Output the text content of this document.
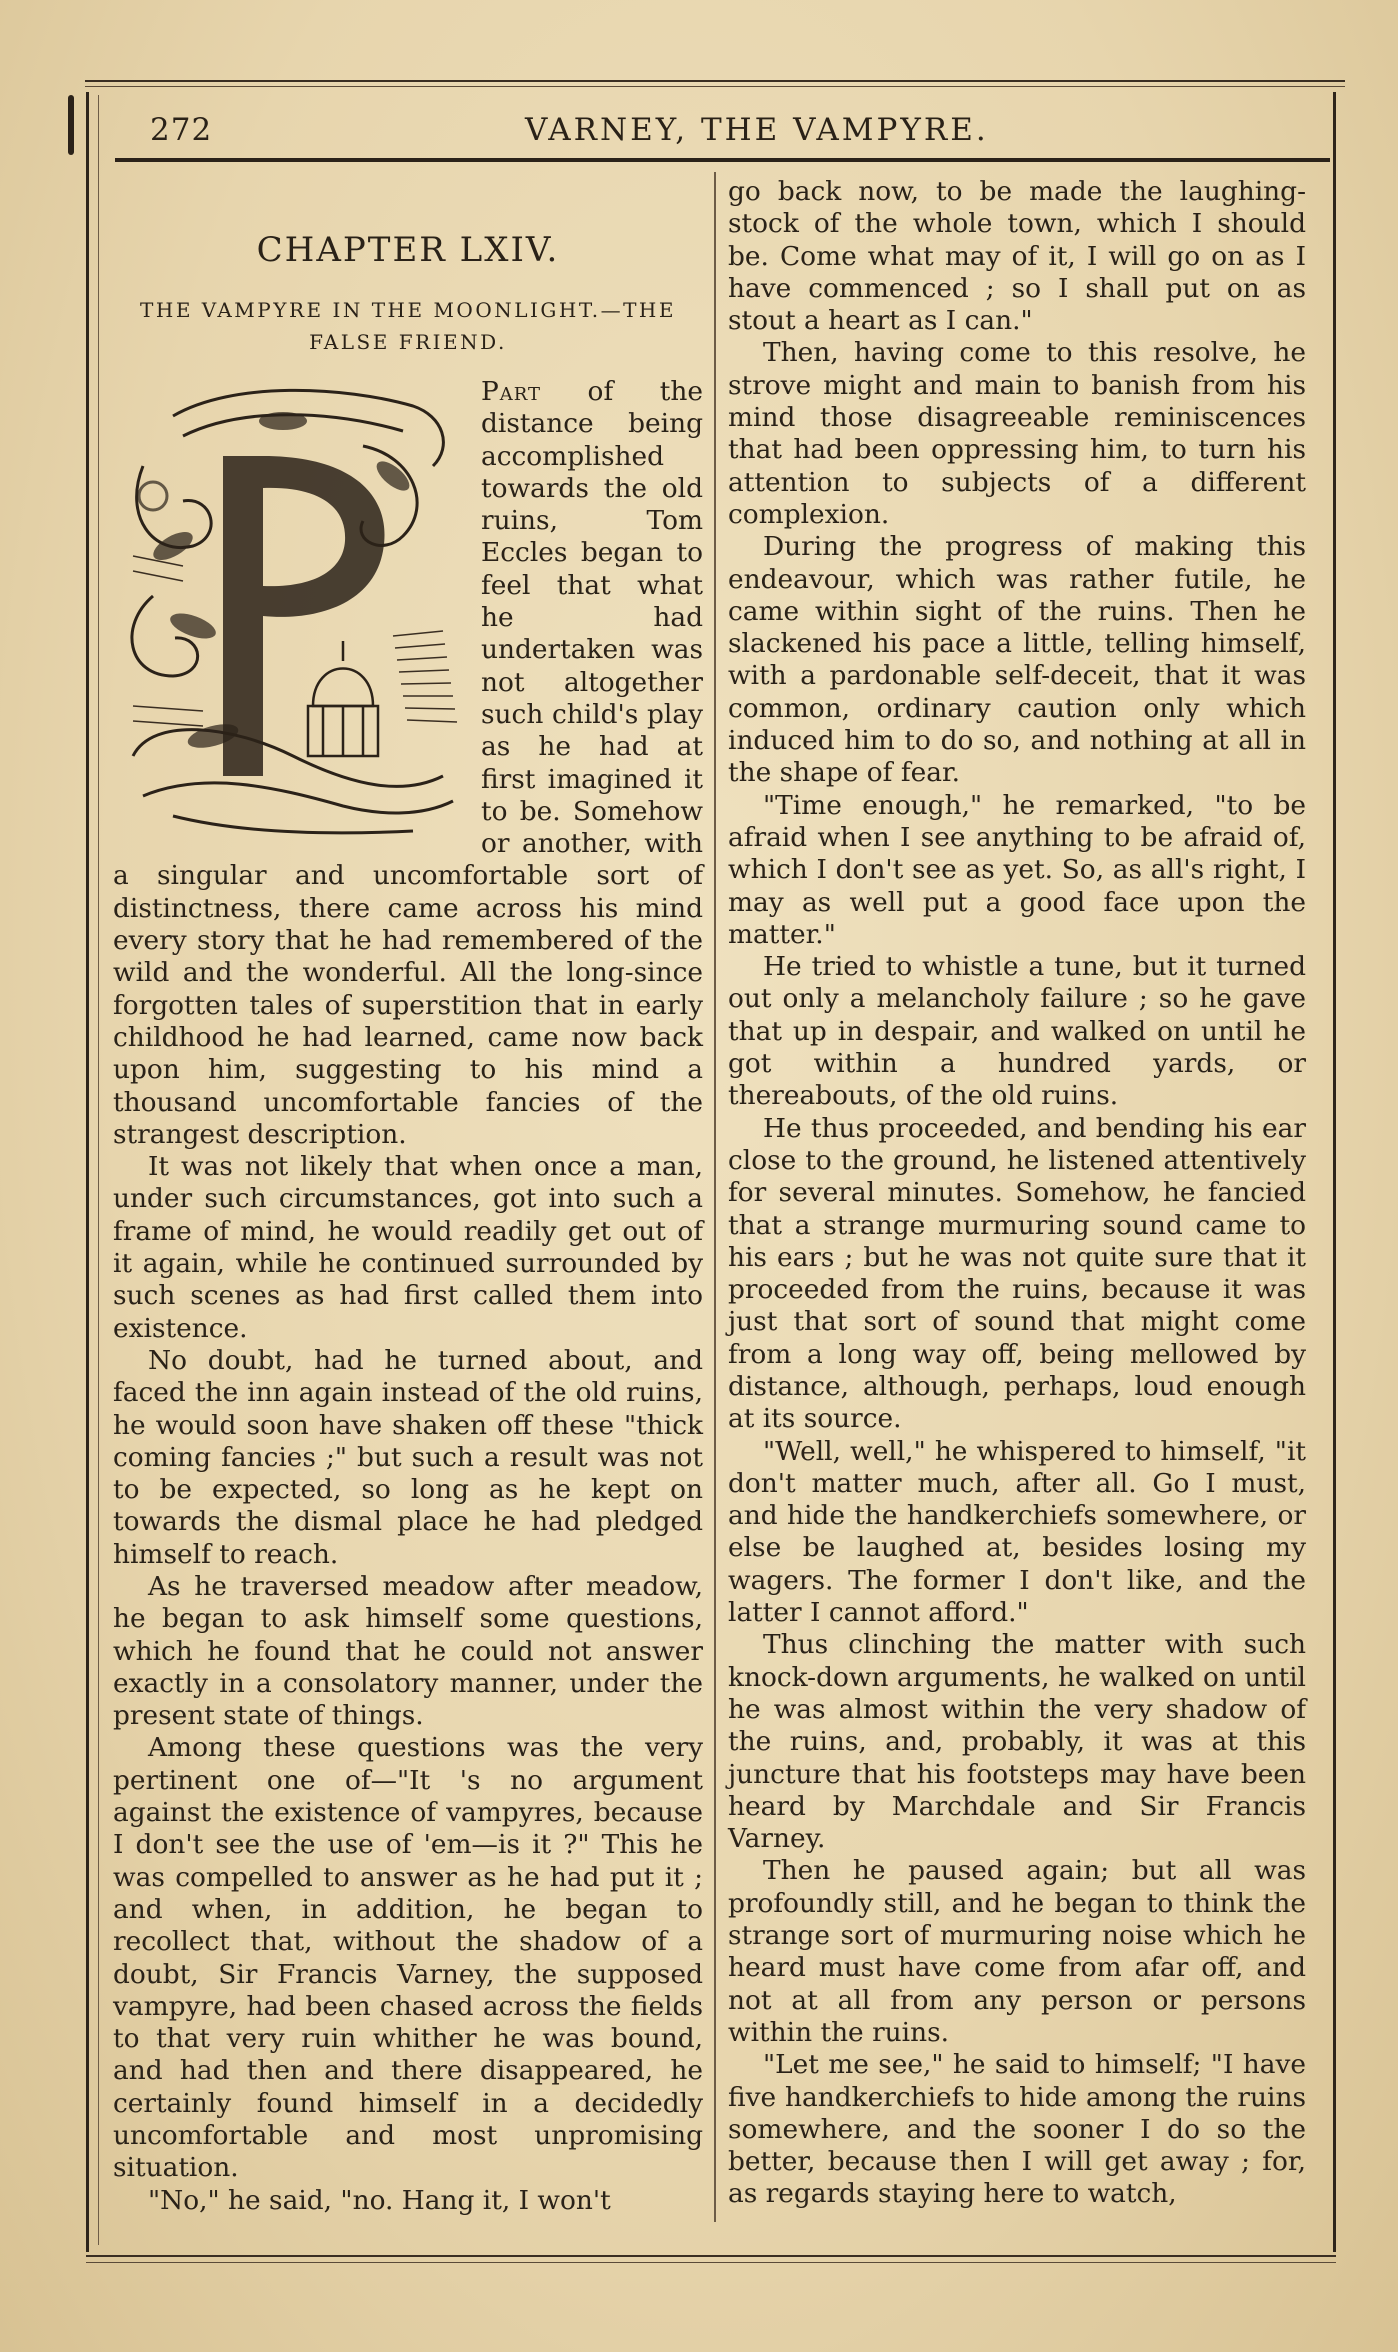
272	VARNEY, THE VAMPYRE.
CHAPTER LXIV.
THE VAMPYRE IN THE MOONLIGHT.—THE
FALSE FRIEND.

Part of the distance being accomplished towards the old ruins, Tom Eccles began to feel that what he had undertaken was not altogether such child's play as he had at first imagined it to be. Somehow or another, with a singular and uncomfortable sort of distinctness, there came across his mind every story that he had remembered of the wild and the wonderful. All the long-since forgotten tales of superstition that in early childhood he had learned, came now back upon him, suggesting to his mind a thousand uncomfortable fancies of the strangest description.

It was not likely that when once a man, under such circumstances, got into such a frame of mind, he would readily get out of it again, while he continued surrounded by such scenes as had first called them into existence.

No doubt, had he turned about, and faced the inn again instead of the old ruins, he would soon have shaken off these "thick coming fancies ;" but such a result was not to be expected, so long as he kept on towards the dismal place he had pledged himself to reach.

As he traversed meadow after meadow, he began to ask himself some questions, which he found that he could not answer exactly in a consolatory manner, under the present state of things.

Among these questions was the very pertinent one of—"It 's no argument against the existence of vampyres, because I don't see the use of 'em—is it ?" This he was compelled to answer as he had put it ; and when, in addition, he began to recollect that, without the shadow of a doubt, Sir Francis Varney, the supposed vampyre, had been chased across the fields to that very ruin whither he was bound, and had then and there disappeared, he certainly found himself in a decidedly uncomfortable and most unpromising situation.

"No," he said, "no. Hang it, I won't

go back now, to be made the laughing-stock of the whole town, which I should be. Come what may of it, I will go on as I have commenced ; so I shall put on as stout a heart as I can."

Then, having come to this resolve, he strove might and main to banish from his mind those disagreeable reminiscences that had been oppressing him, to turn his attention to subjects of a different complexion.

During the progress of making this endeavour, which was rather futile, he came within sight of the ruins. Then he slackened his pace a little, telling himself, with a pardonable self-deceit, that it was common, ordinary caution only which induced him to do so, and nothing at all in the shape of fear.

"Time enough," he remarked, "to be afraid when I see anything to be afraid of, which I don't see as yet. So, as all's right, I may as well put a good face upon the matter."

He tried to whistle a tune, but it turned out only a melancholy failure ; so he gave that up in despair, and walked on until he got within a hundred yards, or thereabouts, of the old ruins.

He thus proceeded, and bending his ear close to the ground, he listened attentively for several minutes. Somehow, he fancied that a strange murmuring sound came to his ears ; but he was not quite sure that it proceeded from the ruins, because it was just that sort of sound that might come from a long way off, being mellowed by distance, although, perhaps, loud enough at its source.

"Well, well," he whispered to himself, "it don't matter much, after all. Go I must, and hide the handkerchiefs somewhere, or else be laughed at, besides losing my wagers. The former I don't like, and the latter I cannot afford."

Thus clinching the matter with such knock-down arguments, he walked on until he was almost within the very shadow of the ruins, and, probably, it was at this juncture that his footsteps may have been heard by Marchdale and Sir Francis Varney.

Then he paused again; but all was profoundly still, and he began to think the strange sort of murmuring noise which he heard must have come from afar off, and not at all from any person or persons within the ruins.

"Let me see," he said to himself; "I have five handkerchiefs to hide among the ruins somewhere, and the sooner I do so the better, because then I will get away ; for, as regards staying here to watch,
